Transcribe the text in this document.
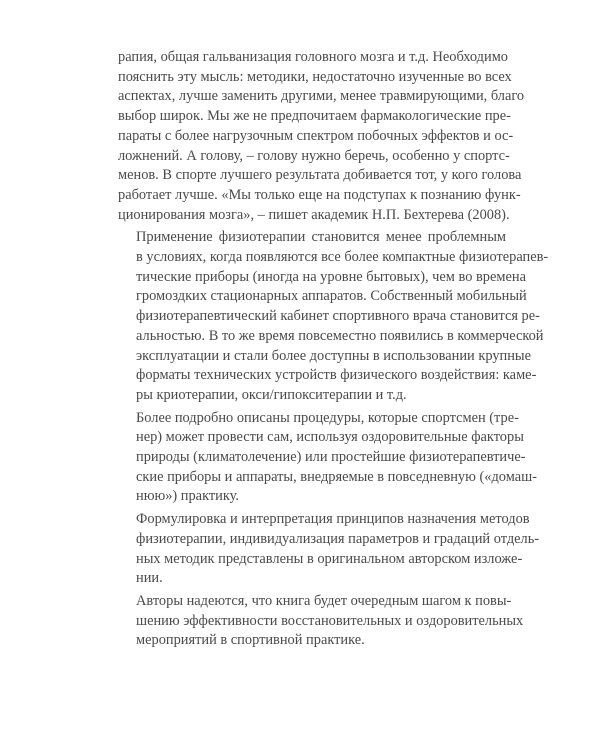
рапия, общая гальванизация головного мозга и т.д. Необходимо
пояснить эту мысль: методики, недостаточно изученные во всех
аспектах, лучше заменить другими, менее травмирующими, благо
выбор широк. Мы же не предпочитаем фармакологические пре-
параты с более нагрузочным спектром побочных эффектов и ос-
ложнений. А голову, – голову нужно беречь, особенно у спортс-
менов. В спорте лучшего результата добивается тот, у кого голова
работает лучше. «Мы только еще на подступах к познанию функ-
ционирования мозга», – пишет академик Н.П. Бехтерева (2008).
Применение физиотерапии становится менее проблемным
в условиях, когда появляются все более компактные физиотерапев-
тические приборы (иногда на уровне бытовых), чем во времена
громоздких стационарных аппаратов. Собственный мобильный
физиотерапевтический кабинет спортивного врача становится ре-
альностью. В то же время повсеместно появились в коммерческой
эксплуатации и стали более доступны в использовании крупные
форматы технических устройств физического воздействия: каме-
ры криотерапии, окси/гипокситерапии и т.д.
Более подробно описаны процедуры, которые спортсмен (тре-
нер) может провести сам, используя оздоровительные факторы
природы (климатолечение) или простейшие физиотерапевтиче-
ские приборы и аппараты, внедряемые в повседневную («домаш-
нюю») практику.
Формулировка и интерпретация принципов назначения методов
физиотерапии, индивидуализация параметров и градаций отдель-
ных методик представлены в оригинальном авторском изложе-
нии.
Авторы надеются, что книга будет очередным шагом к повы-
шению эффективности восстановительных и оздоровительных
мероприятий в спортивной практике.
